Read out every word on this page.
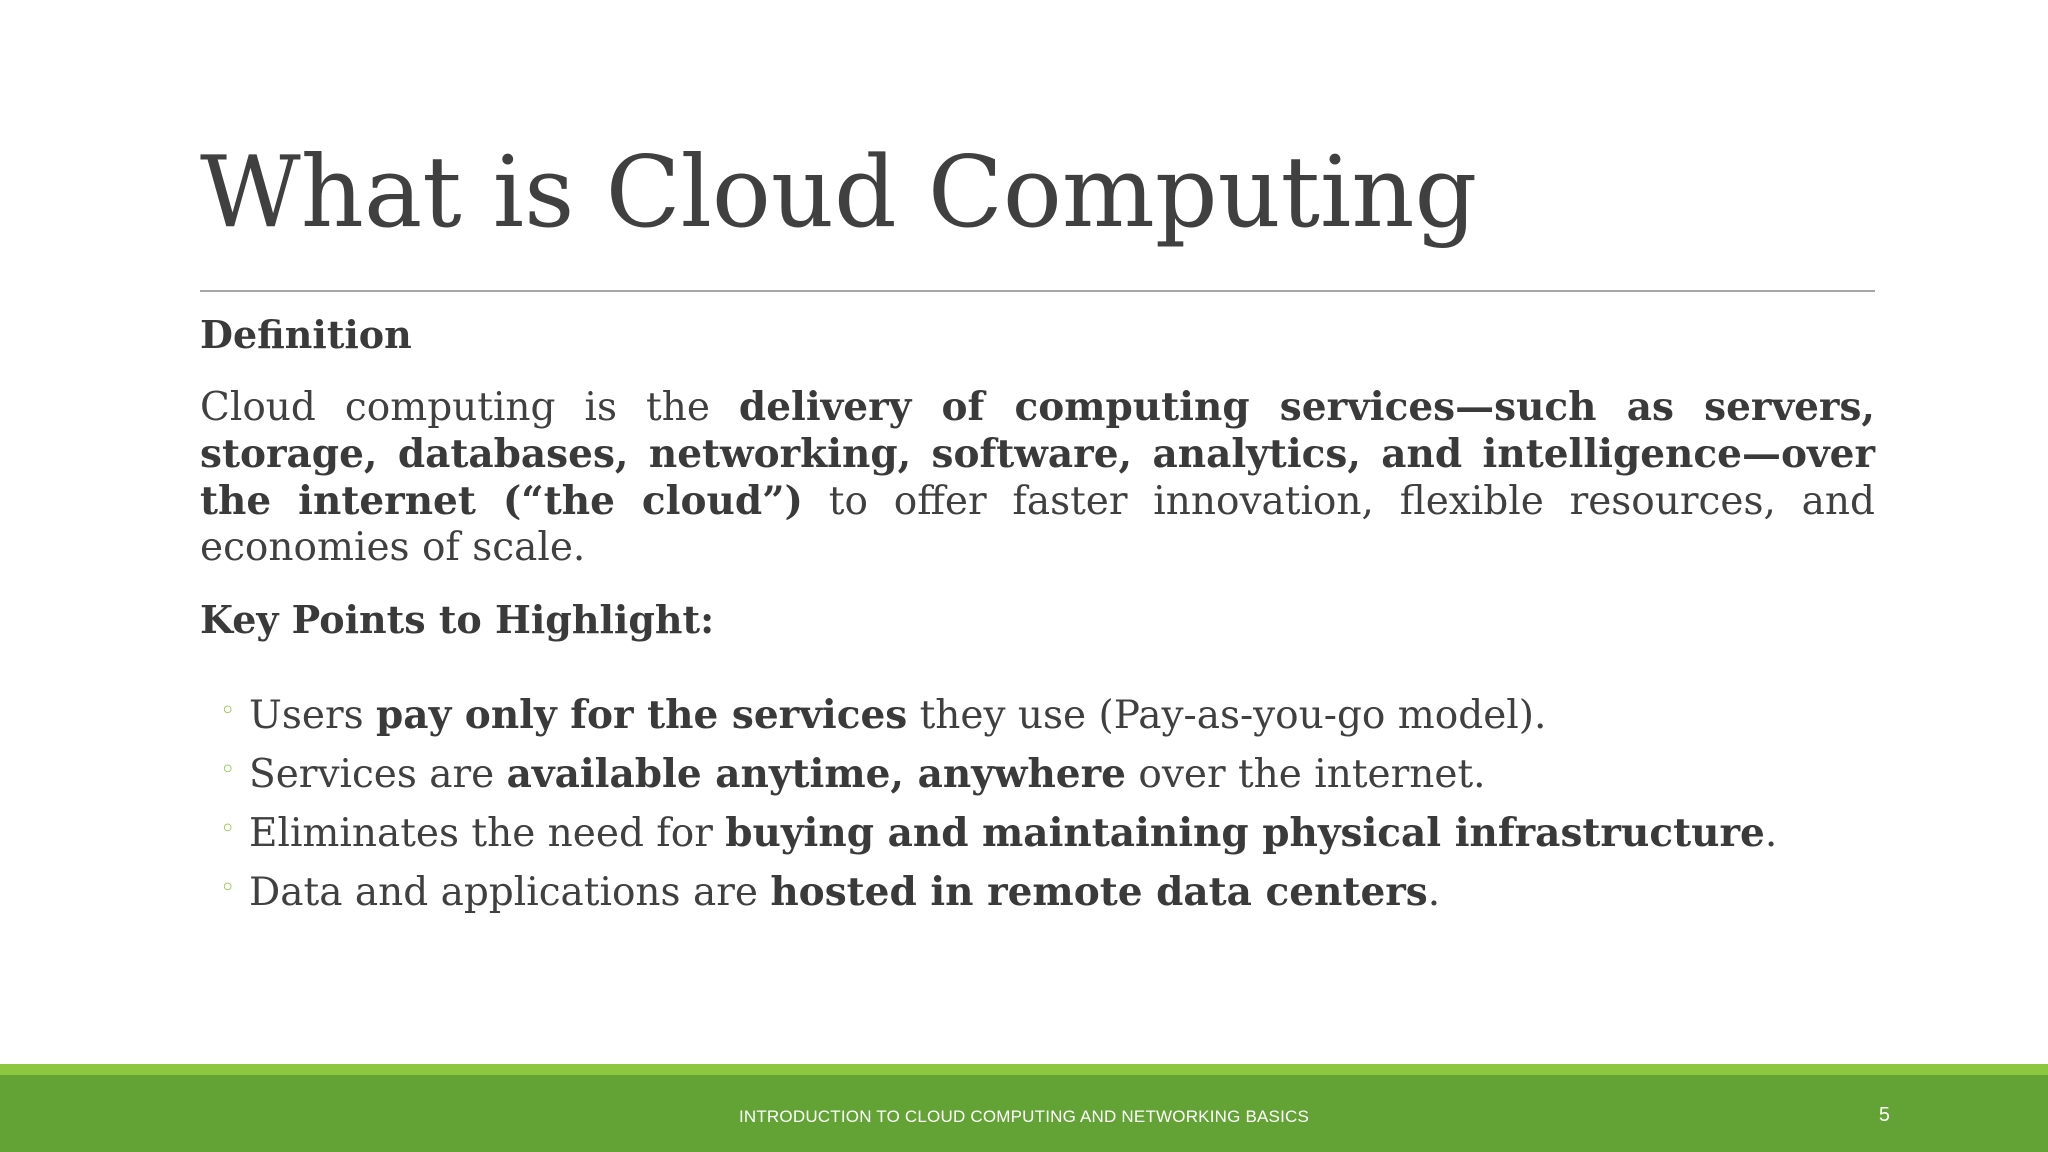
What is Cloud Computing
Definition

Cloud computing is the delivery of computing services—such as servers, storage, databases, networking, software, analytics, and intelligence—over the internet (“the cloud”) to offer faster innovation, flexible resources, and economies of scale.

Key Points to Highlight:
◦ Users pay only for the services they use (Pay-as-you-go model).
◦ Services are available anytime, anywhere over the internet.
◦ Eliminates the need for buying and maintaining physical infrastructure.
◦ Data and applications are hosted in remote data centers.
INTRODUCTION TO CLOUD COMPUTING AND NETWORKING BASICS	5
